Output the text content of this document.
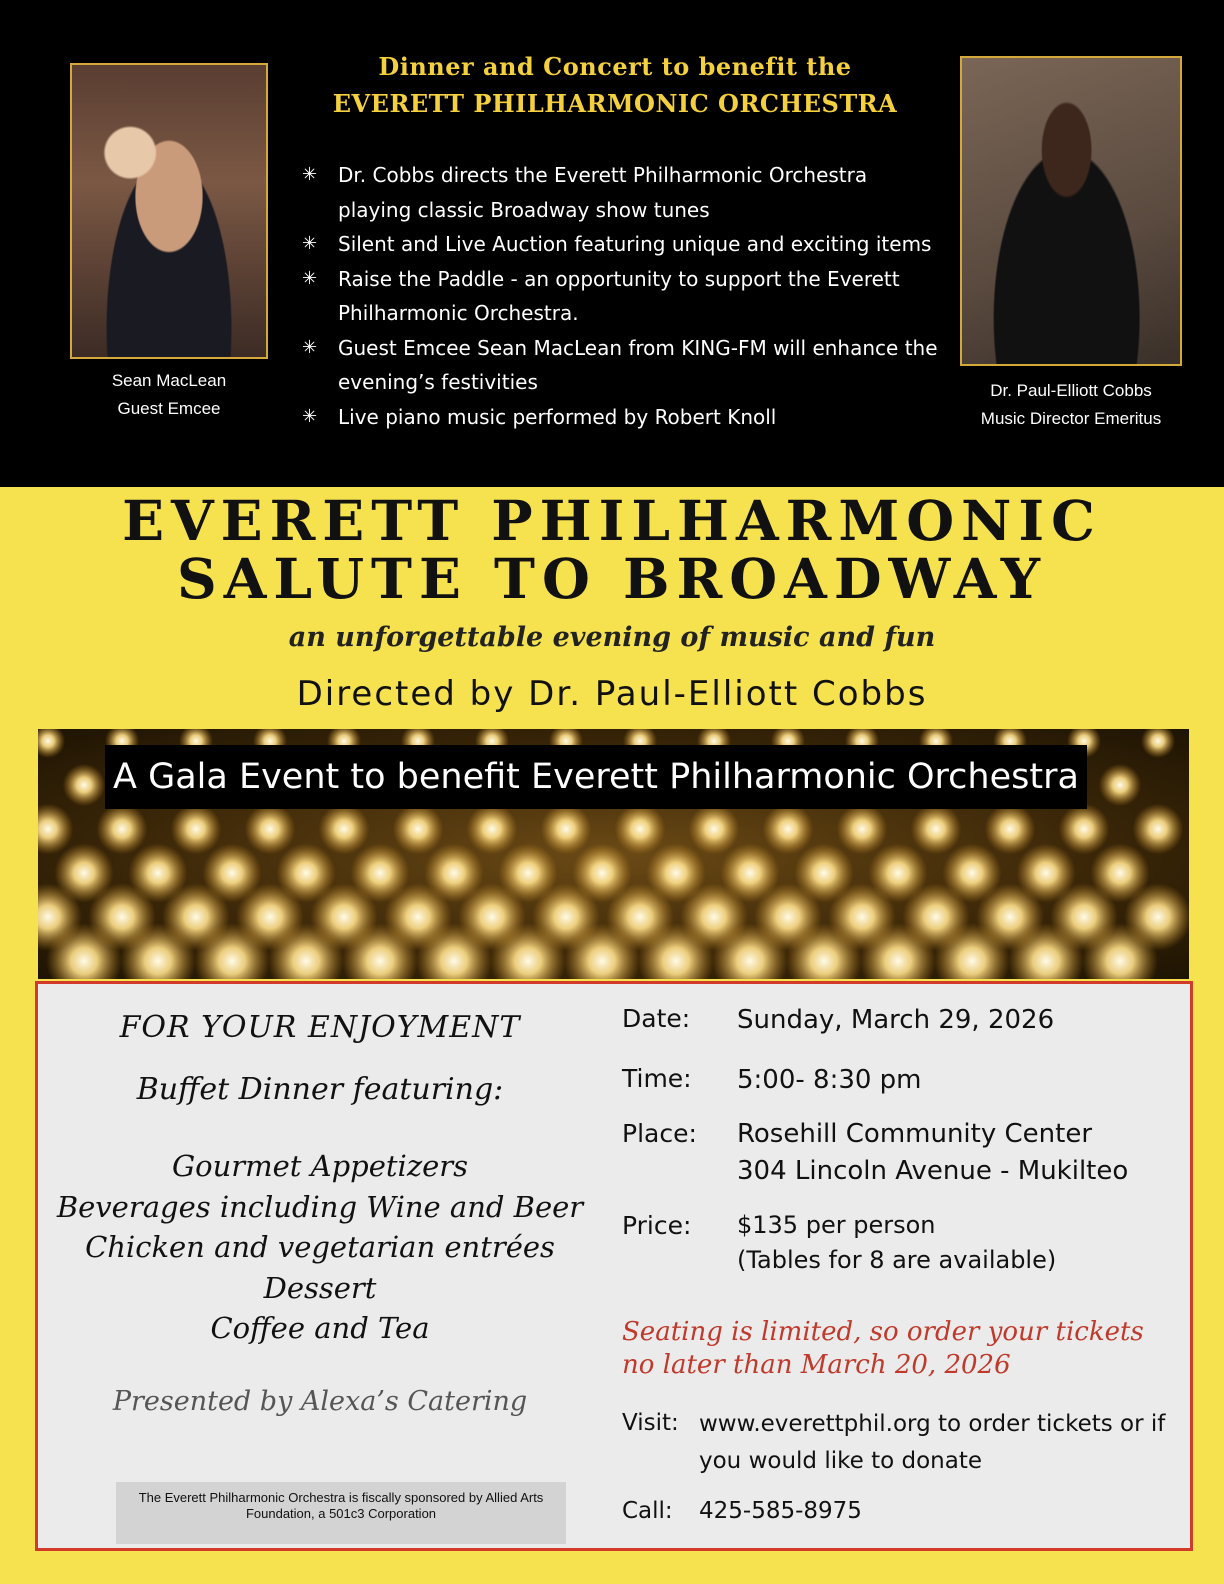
Sean MacLean
Guest Emcee
Dinner and Concert to benefit the
EVERETT PHILHARMONIC ORCHESTRA
✳ Dr. Cobbs directs the Everett Philharmonic Orchestra playing classic Broadway show tunes
✳ Silent and Live Auction featuring unique and exciting items
✳ Raise the Paddle - an opportunity to support the Everett Philharmonic Orchestra.
✳ Guest Emcee Sean MacLean from KING-FM will enhance the evening’s festivities
✳ Live piano music performed by Robert Knoll
Dr. Paul-Elliott Cobbs
Music Director Emeritus
EVERETT PHILHARMONIC
SALUTE TO BROADWAY
an unforgettable evening of music and fun
Directed by Dr. Paul-Elliott Cobbs
A Gala Event to benefit Everett Philharmonic Orchestra
FOR YOUR ENJOYMENT
Buffet Dinner featuring:
Gourmet Appetizers
Beverages including Wine and Beer
Chicken and vegetarian entrées
Dessert
Coffee and Tea
Presented by Alexa’s Catering
The Everett Philharmonic Orchestra is fiscally sponsored by Allied Arts Foundation, a 501c3 Corporation
Date: Sunday, March 29, 2026
Time: 5:00- 8:30 pm
Place: Rosehill Community Center
304 Lincoln Avenue - Mukilteo
Price: $135 per person
(Tables for 8 are available)
Seating is limited, so order your tickets no later than March 20, 2026
Visit: www.everettphil.org to order tickets or if you would like to donate
Call: 425-585-8975
